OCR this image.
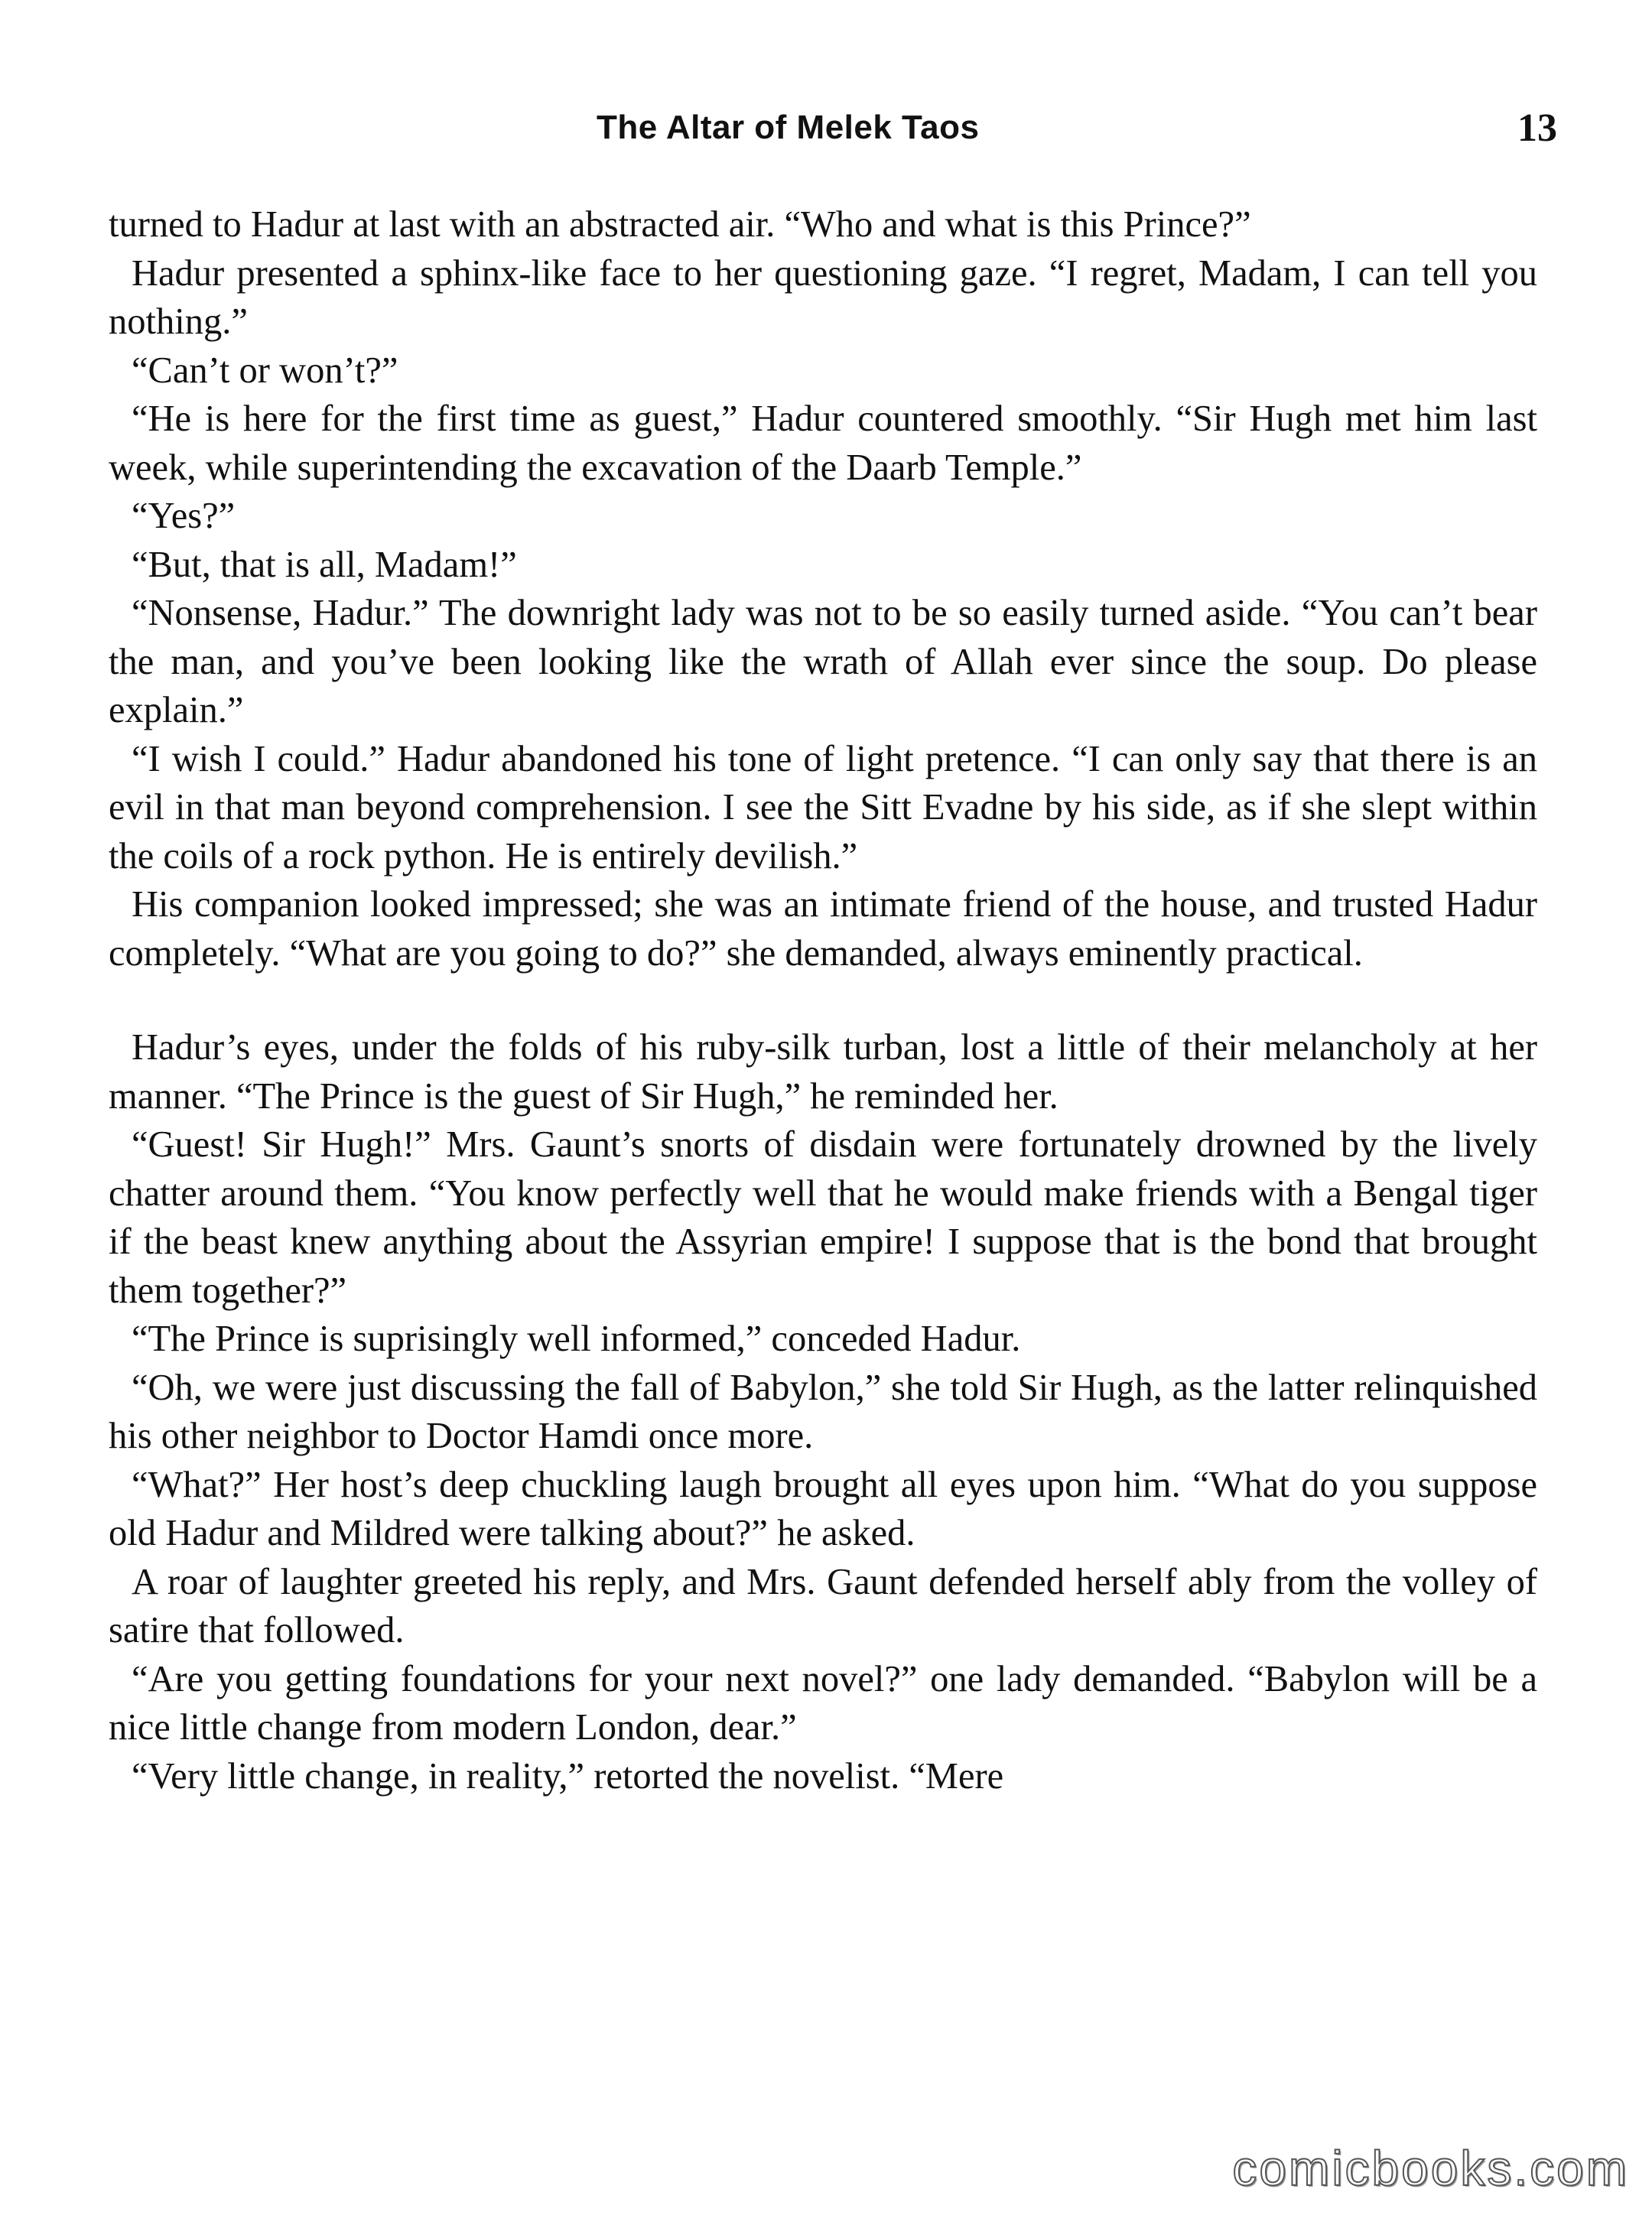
The Altar of Melek Taos	13

turned to Hadur at last with an abstracted air. “Who and what is this Prince?”

Hadur presented a sphinx-like face to her questioning gaze. “I regret, Madam, I can tell you nothing.”

“Can’t or won’t?”

“He is here for the first time as guest,” Hadur countered smoothly. “Sir Hugh met him last week, while superintending the excavation of the Daarb Temple.”

“Yes?”

“But, that is all, Madam!”

“Nonsense, Hadur.” The downright lady was not to be so easily turned aside. “You can’t bear the man, and you’ve been looking like the wrath of Allah ever since the soup. Do please explain.”

“I wish I could.” Hadur abandoned his tone of light pretence. “I can only say that there is an evil in that man beyond comprehension. I see the Sitt Evadne by his side, as if she slept within the coils of a rock python. He is entirely devilish.”

His companion looked impressed; she was an intimate friend of the house, and trusted Hadur completely. “What are you going to do?” she demanded, always eminently practical.

Hadur’s eyes, under the folds of his ruby-silk turban, lost a little of their melancholy at her manner. “The Prince is the guest of Sir Hugh,” he reminded her.

“Guest! Sir Hugh!” Mrs. Gaunt’s snorts of disdain were fortunately drowned by the lively chatter around them. “You know perfectly well that he would make friends with a Bengal tiger if the beast knew anything about the Assyrian empire! I suppose that is the bond that brought them together?”

“The Prince is suprisingly well informed,” conceded Hadur.

“Oh, we were just discussing the fall of Babylon,” she told Sir Hugh, as the latter relinquished his other neighbor to Doctor Hamdi once more.

“What?” Her host’s deep chuckling laugh brought all eyes upon him. “What do you suppose old Hadur and Mildred were talking about?” he asked.

A roar of laughter greeted his reply, and Mrs. Gaunt defended herself ably from the volley of satire that followed.

“Are you getting foundations for your next novel?” one lady demanded. “Babylon will be a nice little change from modern London, dear.”

“Very little change, in reality,” retorted the novelist. “Mere

comicbooks.com
